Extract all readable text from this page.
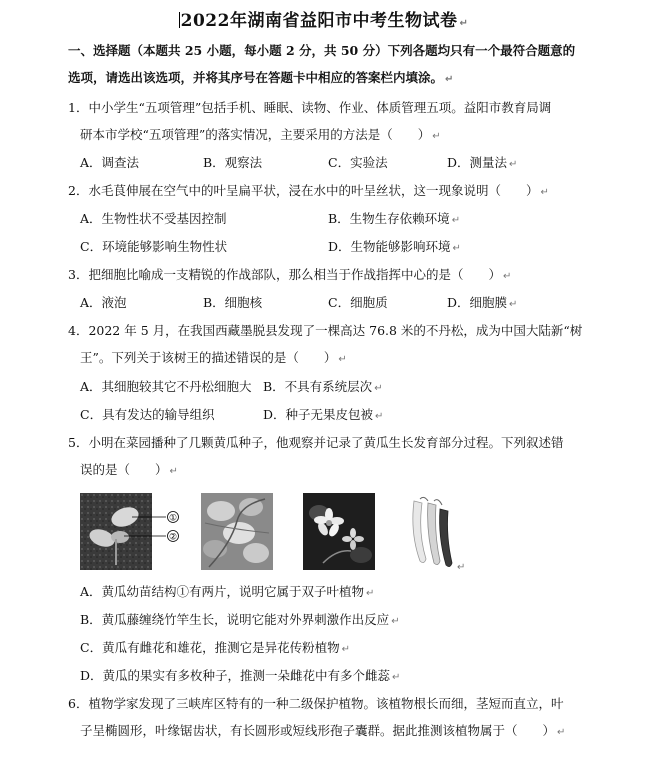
2022年湖南省益阳市中考生物试卷 ↵
一、选择题（本题共 25 小题，每小题 2 分，共 50 分）下列各题均只有一个最符合题意的
选项，请选出该选项，并将其序号在答题卡中相应的答案栏内填涂。 ↵
1．中小学生“五项管理”包括手机、睡眠、读物、作业、体质管理五项。益阳市教育局调
研本市学校“五项管理”的落实情况，主要采用的方法是（　　） ↵
A．调查法	B．观察法	C．实验法	D．测量法 ↵
2．水毛茛伸展在空气中的叶呈扁平状，浸在水中的叶呈丝状，这一现象说明（　　） ↵
A．生物性状不受基因控制	B．生物生存依赖环境 ↵
C．环境能够影响生物性状	D．生物能够影响环境 ↵
3．把细胞比喻成一支精锐的作战部队，那么相当于作战指挥中心的是（　　） ↵
A．液泡	B．细胞核	C．细胞质	D．细胞膜 ↵
4．2022 年 5 月，在我国西藏墨脱县发现了一棵高达 76.8 米的不丹松，成为中国大陆新“树
王”。下列关于该树王的描述错误的是（　　） ↵
A．其细胞较其它不丹松细胞大 B．不具有系统层次 ↵
C．具有发达的输导组织	D．种子无果皮包被 ↵
5．小明在菜园播种了几颗黄瓜种子，他观察并记录了黄瓜生长发育部分过程。下列叙述错
误的是（　　） ↵
①
②
↵
A．黄瓜幼苗结构①有两片，说明它属于双子叶植物 ↵
B．黄瓜藤缠绕竹竿生长，说明它能对外界刺激作出反应 ↵
C．黄瓜有雌花和雄花，推测它是异花传粉植物 ↵
D．黄瓜的果实有多枚种子，推测一朵雌花中有多个雌蕊 ↵
6．植物学家发现了三峡库区特有的一种二级保护植物。该植物根长而细，茎短而直立，叶
子呈椭圆形，叶缘锯齿状，有长圆形或短线形孢子囊群。据此推测该植物属于（　　） ↵
